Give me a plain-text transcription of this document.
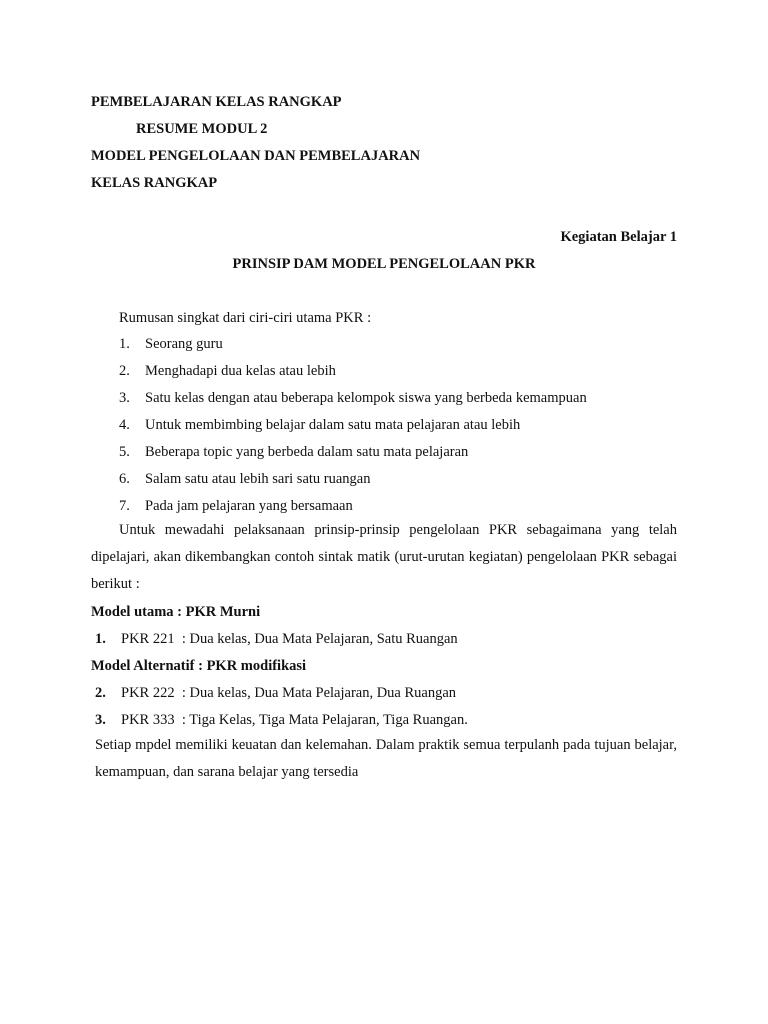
PEMBELAJARAN KELAS RANGKAP
RESUME MODUL 2
MODEL PENGELOLAAN DAN PEMBELAJARAN
KELAS RANGKAP
Kegiatan Belajar 1
PRINSIP DAM MODEL PENGELOLAAN PKR
Rumusan singkat dari ciri-ciri utama PKR :
1. Seorang guru
2. Menghadapi dua kelas atau lebih
3. Satu kelas dengan atau beberapa kelompok siswa yang berbeda kemampuan
4. Untuk membimbing belajar dalam satu mata pelajaran atau lebih
5. Beberapa topic yang berbeda dalam satu mata pelajaran
6. Salam satu atau lebih sari satu ruangan
7. Pada jam pelajaran yang bersamaan
Untuk mewadahi pelaksanaan prinsip-prinsip pengelolaan PKR sebagaimana yang telah dipelajari, akan dikembangkan contoh sintak matik (urut-urutan kegiatan) pengelolaan PKR sebagai berikut :
Model utama : PKR Murni
1. PKR 221 : Dua kelas, Dua Mata Pelajaran, Satu Ruangan
Model Alternatif : PKR modifikasi
2. PKR 222 : Dua kelas, Dua Mata Pelajaran, Dua Ruangan
3. PKR 333 : Tiga Kelas, Tiga Mata Pelajaran, Tiga Ruangan.
Setiap mpdel memiliki keuatan dan kelemahan. Dalam praktik semua terpulanh pada tujuan belajar, kemampuan, dan sarana belajar yang tersedia
